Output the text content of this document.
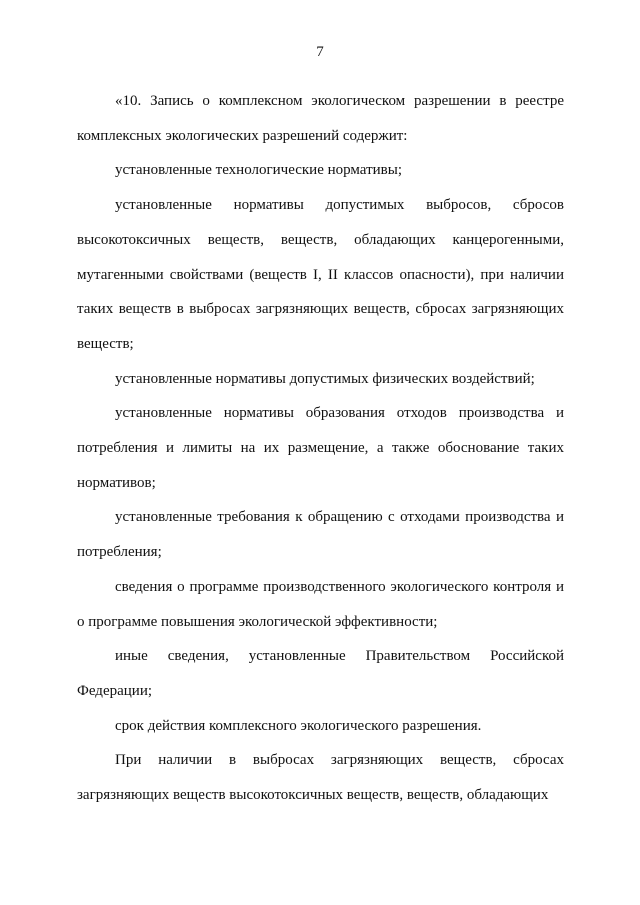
7

«10. Запись о комплексном экологическом разрешении в реестре комплексных экологических разрешений содержит:

установленные технологические нормативы;

установленные нормативы допустимых выбросов, сбросов высокотоксичных веществ, веществ, обладающих канцерогенными, мутагенными свойствами (веществ I, II классов опасности), при наличии таких веществ в выбросах загрязняющих веществ, сбросах загрязняющих веществ;

установленные нормативы допустимых физических воздействий;

установленные нормативы образования отходов производства и потребления и лимиты на их размещение, а также обоснование таких нормативов;

установленные требования к обращению с отходами производства и потребления;

сведения о программе производственного экологического контроля и о программе повышения экологической эффективности;

иные сведения, установленные Правительством Российской Федерации;

срок действия комплексного экологического разрешения.

При наличии в выбросах загрязняющих веществ, сбросах загрязняющих веществ высокотоксичных веществ, веществ, обладающих
